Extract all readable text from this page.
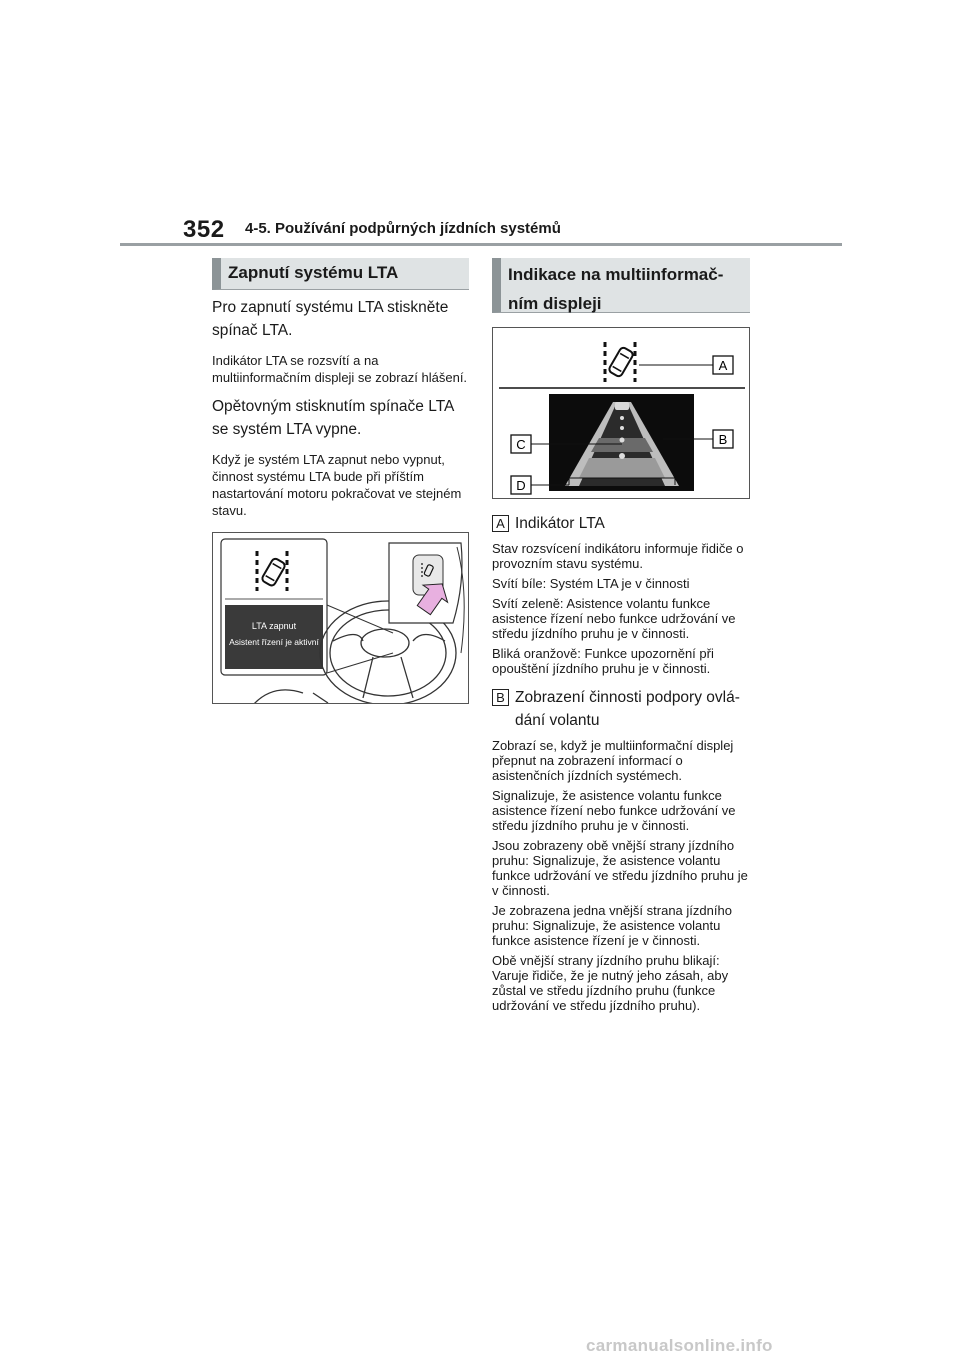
352 4-5. Používání podpůrných jízdních systémů
Zapnutí systému LTA

Pro zapnutí systému LTA stiskněte spínač LTA.

Indikátor LTA se rozsvítí a na multiinformačním displeji se zobrazí hlášení.

Opětovným stisknutím spínače LTA se systém LTA vypne.

Když je systém LTA zapnut nebo vypnut, činnost systému LTA bude při příštím nastartování motoru pokračovat ve stejném stavu.

LTA zapnut
Asistent řízení je aktivní
Indikace na multiinformač-
ním displeji
A
B
C
D
A Indikátor LTA

Stav rozsvícení indikátoru informuje řidiče o provozním stavu systému.

Svítí bíle: Systém LTA je v činnosti

Svítí zeleně: Asistence volantu funkce asistence řízení nebo funkce udržování ve středu jízdního pruhu je v činnosti.

Bliká oranžově: Funkce upozornění při opouštění jízdního pruhu je v činnosti.

B Zobrazení činnosti podpory ovlá-
dání volantu

Zobrazí se, když je multiinformační displej přepnut na zobrazení informací o asistenčních jízdních systémech.

Signalizuje, že asistence volantu funkce asistence řízení nebo funkce udržování ve středu jízdního pruhu je v činnosti.

Jsou zobrazeny obě vnější strany jízdního pruhu: Signalizuje, že asistence volantu funkce udržování ve středu jízdního pruhu je v činnosti.

Je zobrazena jedna vnější strana jízdního pruhu: Signalizuje, že asistence volantu funkce asistence řízení je v činnosti.

Obě vnější strany jízdního pruhu blikají: Varuje řidiče, že je nutný jeho zásah, aby zůstal ve středu jízdního pruhu (funkce udržování ve středu jízdního pruhu).

carmanualsonline.info
